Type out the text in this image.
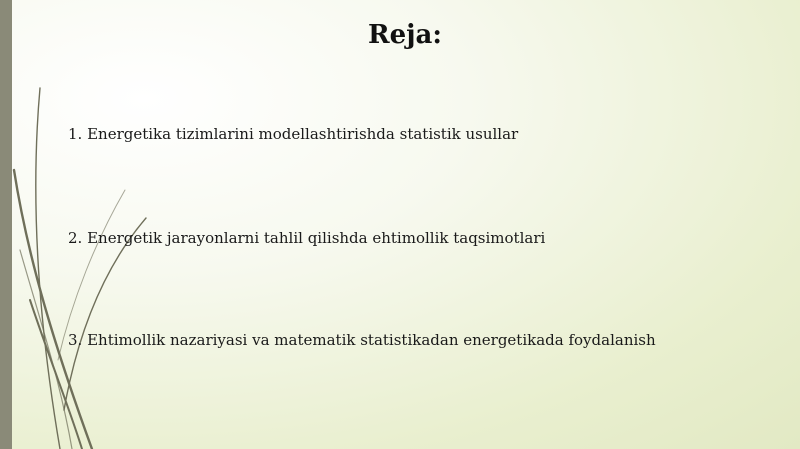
Reja:
1. Energetika tizimlarini modellashtirishda statistik usullar
2. Energetik jarayonlarni tahlil qilishda ehtimollik taqsimotlari
3. Ehtimollik nazariyasi va matematik statistikadan energetikada foydalanish
